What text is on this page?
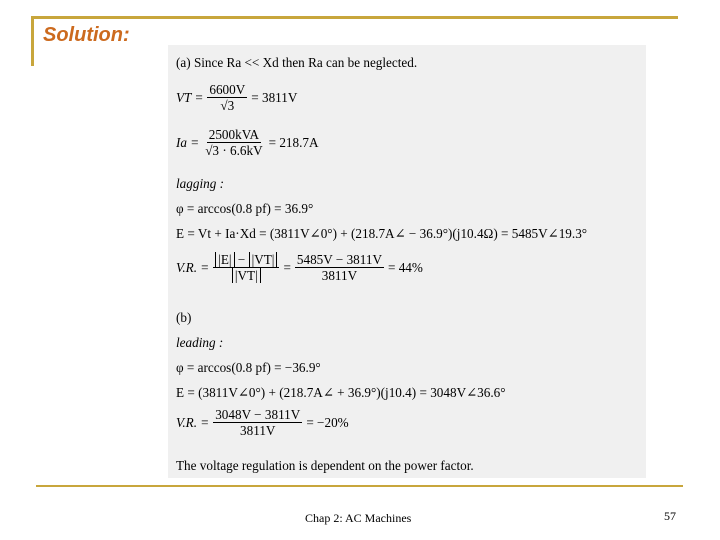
Solution:
(a)
Since Ra << Xd then Ra can be neglected.
VT = $\frac{6600V}{√3} = 3811V$
$Ia = \frac{\text{2500kVA}}{√3 \cdot 6.6kV} = 218.7A$
lagging :
φ = arccos(0.8 pf) = 36.9°
E = Vt + Ia·Xd = (3811V∠0°) + (218.7A∠ − 36.9°)(j10.4Ω) = 5485V∠19.3°
V.R. = $\frac{|E| - |VT|}{|VT|} = \frac{5485V - 3811V}{3811V} = 44\%$
(b)
leading :
φ = arccos(0.8 pf) = −36.9°
E = (3811V∠0°) + (218.7A∠ + 36.9°)(j10.4) = 3048V∠36.6°
V.R. = $\frac{3048V - 3811V}{3811V} = -20\%$
The voltage regulation is dependent on the power factor.
Chap 2: AC Machines	57
